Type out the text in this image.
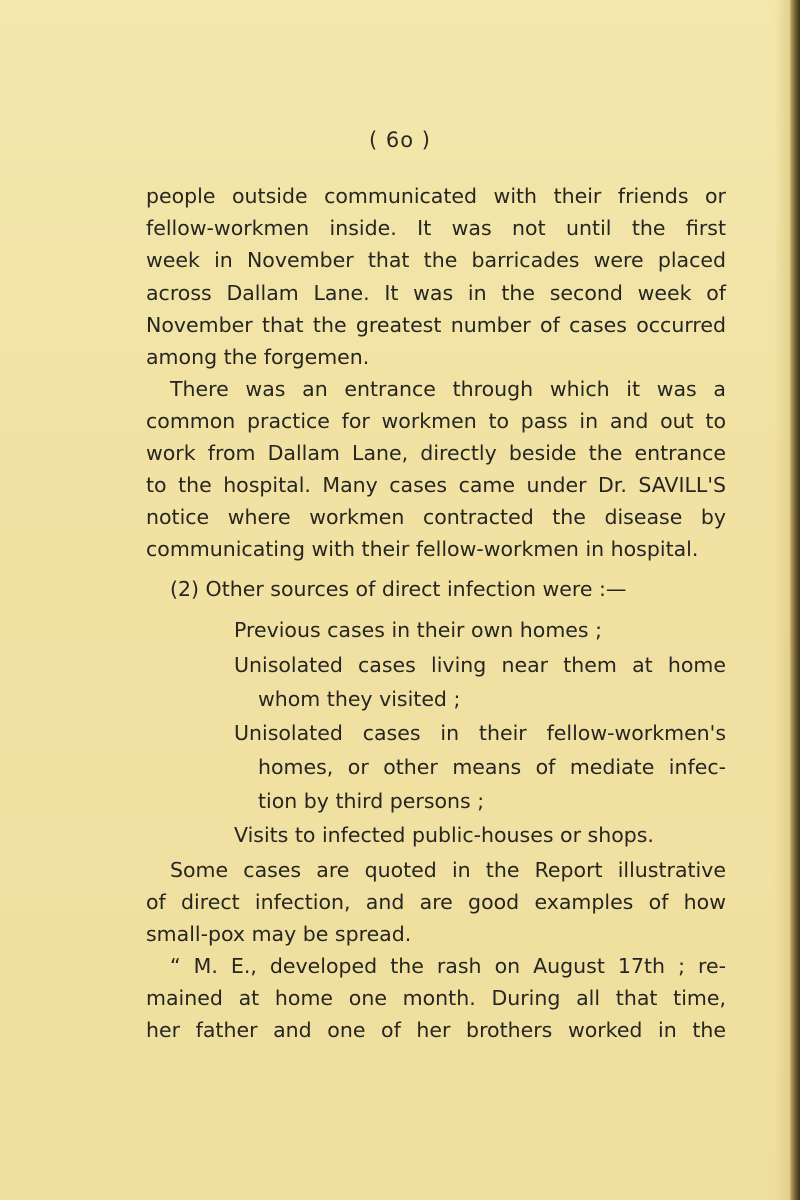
( 6o )
people outside communicated with their friends or
fellow-workmen inside. It was not until the first
week in November that the barricades were placed
across Dallam Lane. It was in the second week of
November that the greatest number of cases occurred
among the forgemen.
There was an entrance through which it was a
common practice for workmen to pass in and out to
work from Dallam Lane, directly beside the entrance
to the hospital. Many cases came under Dr. SAVILL'S
notice where workmen contracted the disease by
communicating with their fellow-workmen in hospital.
(2) Other sources of direct infection were :—
Previous cases in their own homes ;
Unisolated cases living near them at home
whom they visited ;
Unisolated cases in their fellow-workmen's
homes, or other means of mediate infec-
tion by third persons ;
Visits to infected public-houses or shops.
Some cases are quoted in the Report illustrative
of direct infection, and are good examples of how
small-pox may be spread.
“ M. E., developed the rash on August 17th ; re-
mained at home one month. During all that time,
her father and one of her brothers worked in the
